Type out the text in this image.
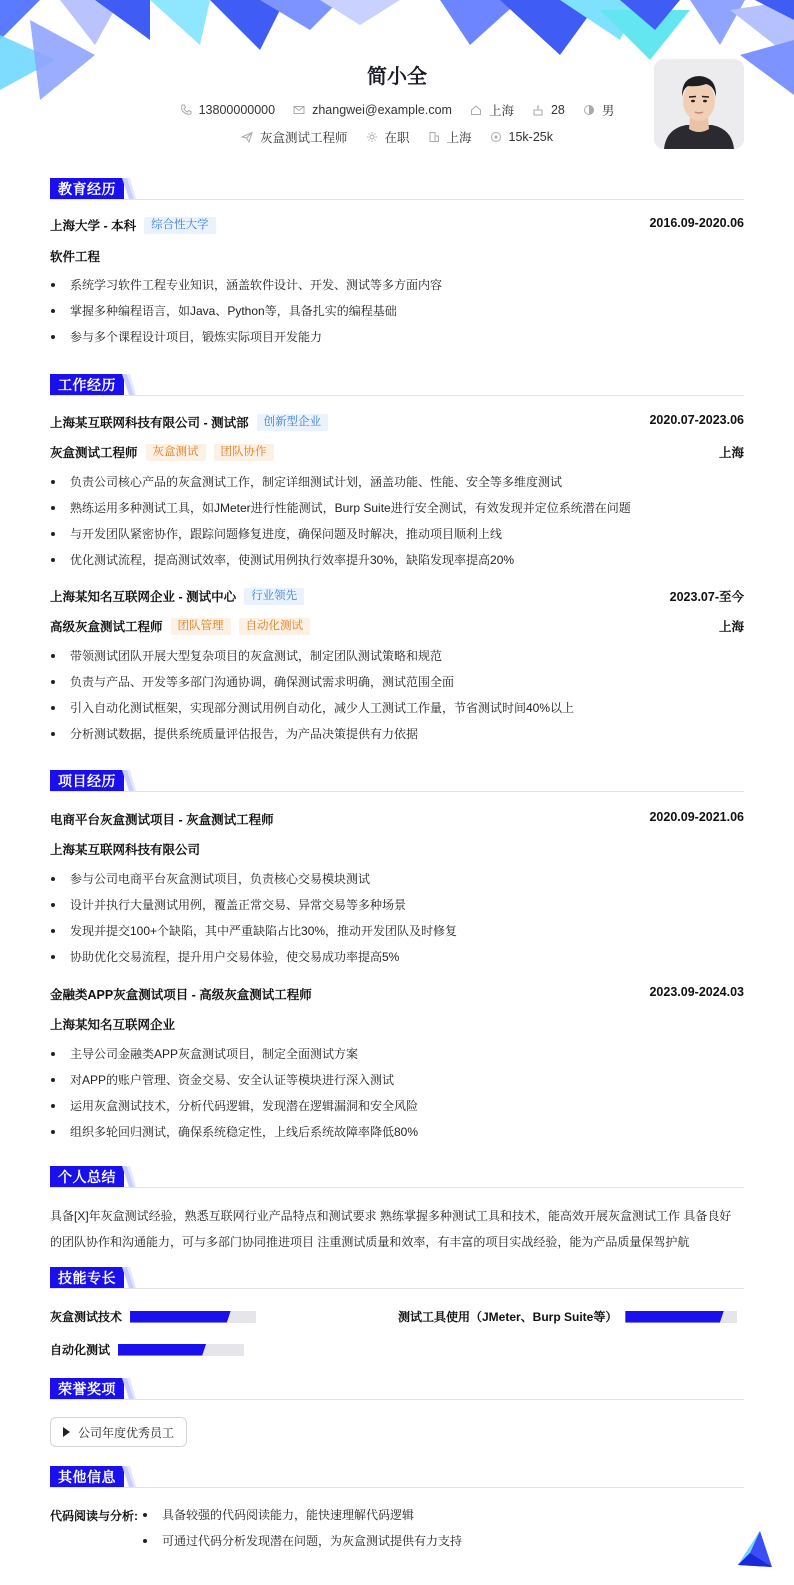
简小全
13800000000	zhangwei@example.com	上海	28	男
灰盒测试工程师	在职	上海	15k-25k
教育经历
上海大学 - 本科	综合性大学	2016.09-2020.06
软件工程
系统学习软件工程专业知识，涵盖软件设计、开发、测试等多方面内容
掌握多种编程语言，如Java、Python等，具备扎实的编程基础
参与多个课程设计项目，锻炼实际项目开发能力
工作经历
上海某互联网科技有限公司 - 测试部	创新型企业	2020.07-2023.06
灰盒测试工程师	灰盒测试	团队协作	上海
负责公司核心产品的灰盒测试工作，制定详细测试计划，涵盖功能、性能、安全等多维度测试
熟练运用多种测试工具，如JMeter进行性能测试，Burp Suite进行安全测试，有效发现并定位系统潜在问题
与开发团队紧密协作，跟踪问题修复进度，确保问题及时解决，推动项目顺利上线
优化测试流程，提高测试效率，使测试用例执行效率提升30%，缺陷发现率提高20%
上海某知名互联网企业 - 测试中心	行业领先	2023.07-至今
高级灰盒测试工程师	团队管理	自动化测试	上海
带领测试团队开展大型复杂项目的灰盒测试，制定团队测试策略和规范
负责与产品、开发等多部门沟通协调，确保测试需求明确，测试范围全面
引入自动化测试框架，实现部分测试用例自动化，减少人工测试工作量，节省测试时间40%以上
分析测试数据，提供系统质量评估报告，为产品决策提供有力依据
项目经历
电商平台灰盒测试项目 - 灰盒测试工程师	2020.09-2021.06
上海某互联网科技有限公司
参与公司电商平台灰盒测试项目，负责核心交易模块测试
设计并执行大量测试用例，覆盖正常交易、异常交易等多种场景
发现并提交100+个缺陷，其中严重缺陷占比30%，推动开发团队及时修复
协助优化交易流程，提升用户交易体验，使交易成功率提高5%
金融类APP灰盒测试项目 - 高级灰盒测试工程师	2023.09-2024.03
上海某知名互联网企业
主导公司金融类APP灰盒测试项目，制定全面测试方案
对APP的账户管理、资金交易、安全认证等模块进行深入测试
运用灰盒测试技术，分析代码逻辑，发现潜在逻辑漏洞和安全风险
组织多轮回归测试，确保系统稳定性，上线后系统故障率降低80%
个人总结
具备[X]年灰盒测试经验，熟悉互联网行业产品特点和测试要求 熟练掌握多种测试工具和技术，能高效开展灰盒测试工作 具备良好
的团队协作和沟通能力，可与多部门协同推进项目 注重测试质量和效率，有丰富的项目实战经验，能为产品质量保驾护航
技能专长
灰盒测试技术	测试工具使用（JMeter、Burp Suite等）
自动化测试
荣誉奖项
公司年度优秀员工
其他信息
代码阅读与分析:	具备较强的代码阅读能力，能快速理解代码逻辑
可通过代码分析发现潜在问题，为灰盒测试提供有力支持
